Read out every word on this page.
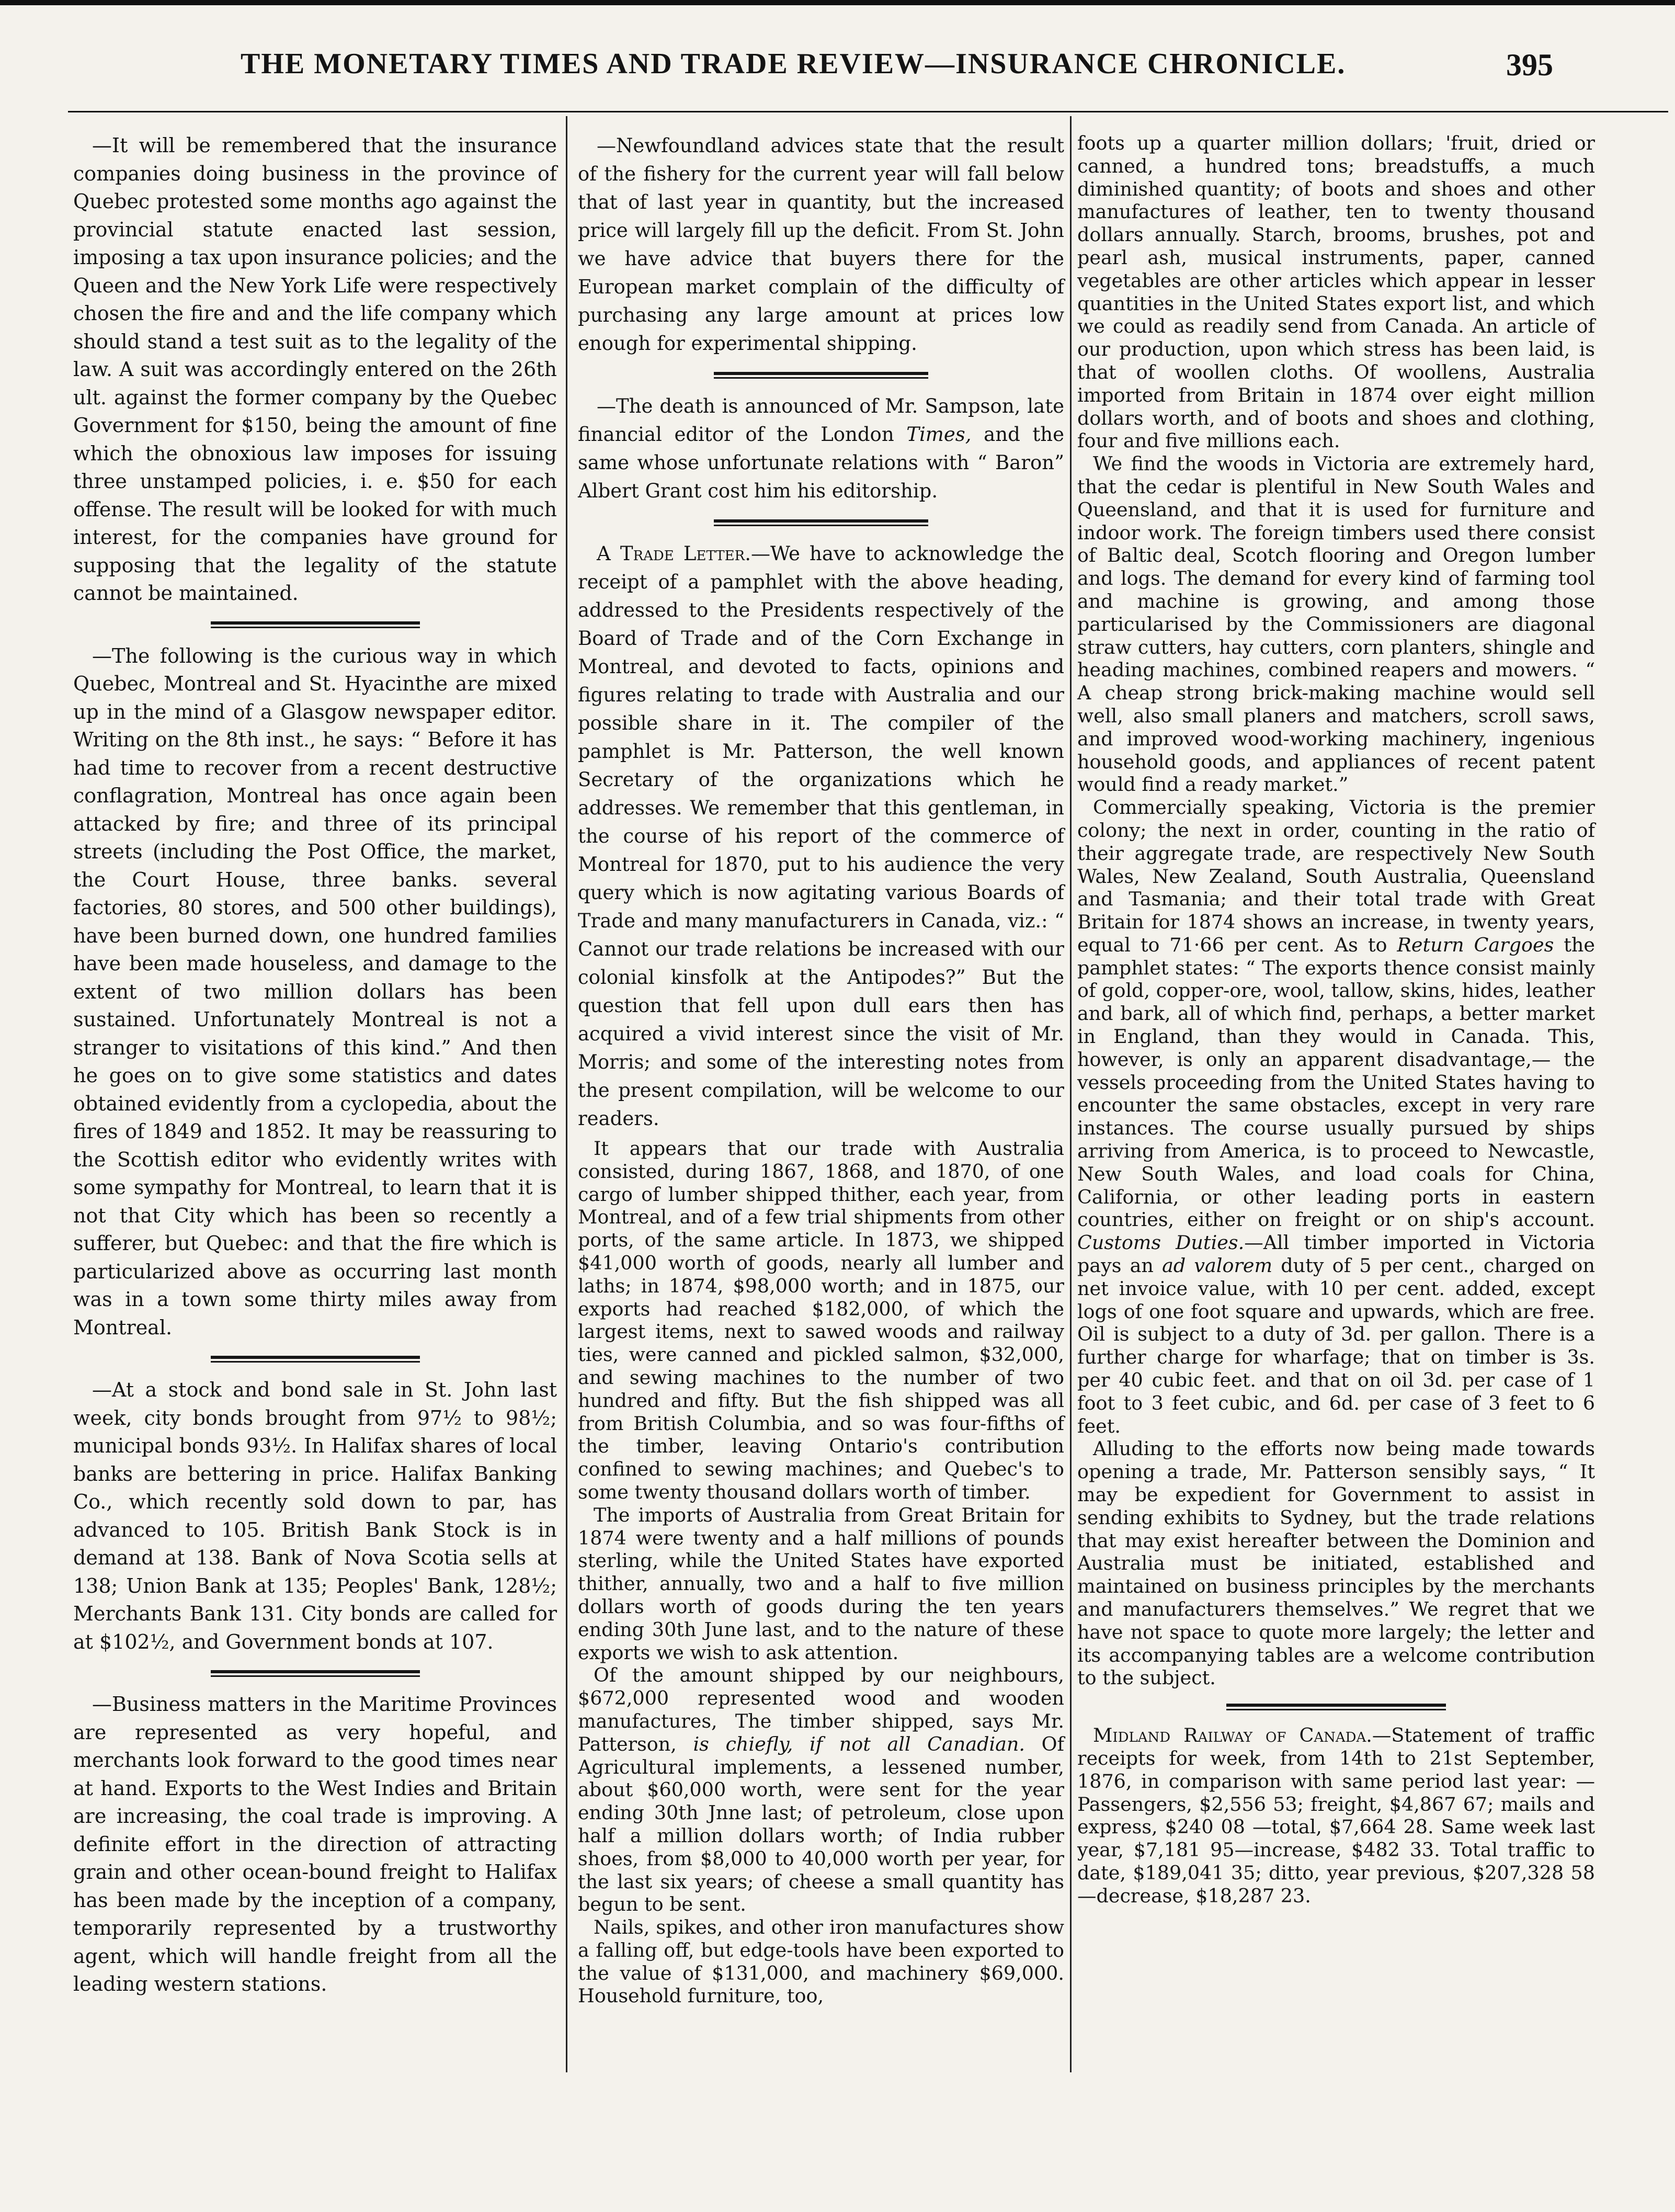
THE MONETARY TIMES AND TRADE REVIEW—INSURANCE CHRONICLE.	395

—It will be remembered that the insurance companies doing business in the province of Quebec protested some months ago against the provincial statute enacted last session, imposing a tax upon insurance policies; and the Queen and the New York Life were respectively chosen the fire and and the life company which should stand a test suit as to the legality of the law. A suit was accordingly entered on the 26th ult. against the former company by the Quebec Government for $150, being the amount of fine which the obnoxious law imposes for issuing three unstamped policies, i. e. $50 for each offense. The result will be looked for with much interest, for the companies have ground for supposing that the legality of the statute cannot be maintained.

—The following is the curious way in which Quebec, Montreal and St. Hyacinthe are mixed up in the mind of a Glasgow newspaper editor. Writing on the 8th inst., he says: “ Before it has had time to recover from a recent destructive conflagration, Montreal has once again been attacked by fire; and three of its principal streets (including the Post Office, the market, the Court House, three banks. several factories, 80 stores, and 500 other buildings), have been burned down, one hundred families have been made houseless, and damage to the extent of two million dollars has been sustained. Unfortunately Montreal is not a stranger to visitations of this kind.” And then he goes on to give some statistics and dates obtained evidently from a cyclopedia, about the fires of 1849 and 1852. It may be reassuring to the Scottish editor who evidently writes with some sympathy for Montreal, to learn that it is not that City which has been so recently a sufferer, but Quebec: and that the fire which is particularized above as occurring last month was in a town some thirty miles away from Montreal.

—At a stock and bond sale in St. John last week, city bonds brought from 97½ to 98½; municipal bonds 93½. In Halifax shares of local banks are bettering in price. Halifax Banking Co., which recently sold down to par, has advanced to 105. British Bank Stock is in demand at 138. Bank of Nova Scotia sells at 138; Union Bank at 135; Peoples' Bank, 128½; Merchants Bank 131. City bonds are called for at $102½, and Government bonds at 107.

—Business matters in the Maritime Provinces are represented as very hopeful, and merchants look forward to the good times near at hand. Exports to the West Indies and Britain are increasing, the coal trade is improving. A definite effort in the direction of attracting grain and other ocean-bound freight to Halifax has been made by the inception of a company, temporarily represented by a trustworthy agent, which will handle freight from all the leading western stations.

—Newfoundland advices state that the result of the fishery for the current year will fall below that of last year in quantity, but the increased price will largely fill up the deficit. From St. John we have advice that buyers there for the European market complain of the difficulty of purchasing any large amount at prices low enough for experimental shipping.

—The death is announced of Mr. Sampson, late financial editor of the London Times, and the same whose unfortunate relations with “ Baron” Albert Grant cost him his editorship.

A Trade Letter.—We have to acknowledge the receipt of a pamphlet with the above heading, addressed to the Presidents respectively of the Board of Trade and of the Corn Exchange in Montreal, and devoted to facts, opinions and figures relating to trade with Australia and our possible share in it. The compiler of the pamphlet is Mr. Patterson, the well known Secretary of the organizations which he addresses. We remember that this gentleman, in the course of his report of the commerce of Montreal for 1870, put to his audience the very query which is now agitating various Boards of Trade and many manufacturers in Canada, viz.: “ Cannot our trade relations be increased with our colonial kinsfolk at the Antipodes?” But the question that fell upon dull ears then has acquired a vivid interest since the visit of Mr. Morris; and some of the interesting notes from the present compilation, will be welcome to our readers.

It appears that our trade with Australia consisted, during 1867, 1868, and 1870, of one cargo of lumber shipped thither, each year, from Montreal, and of a few trial shipments from other ports, of the same article. In 1873, we shipped $41,000 worth of goods, nearly all lumber and laths; in 1874, $98,000 worth; and in 1875, our exports had reached $182,000, of which the largest items, next to sawed woods and railway ties, were canned and pickled salmon, $32,000, and sewing machines to the number of two hundred and fifty. But the fish shipped was all from British Columbia, and so was four-fifths of the timber, leaving Ontario's contribution confined to sewing machines; and Quebec's to some twenty thousand dollars worth of timber.

The imports of Australia from Great Britain for 1874 were twenty and a half millions of pounds sterling, while the United States have exported thither, annually, two and a half to five million dollars worth of goods during the ten years ending 30th June last, and to the nature of these exports we wish to ask attention.

Of the amount shipped by our neighbours, $672,000 represented wood and wooden manufactures, The timber shipped, says Mr. Patterson, is chiefly, if not all Canadian. Of Agricultural implements, a lessened number, about $60,000 worth, were sent for the year ending 30th Jnne last; of petroleum, close upon half a million dollars worth; of India rubber shoes, from $8,000 to 40,000 worth per year, for the last six years; of cheese a small quantity has begun to be sent.

Nails, spikes, and other iron manufactures show a falling off, but edge-tools have been exported to the value of $131,000, and machinery $69,000. Household furniture, too,

foots up a quarter million dollars; 'fruit, dried or canned, a hundred tons; breadstuffs, a much diminished quantity; of boots and shoes and other manufactures of leather, ten to twenty thousand dollars annually. Starch, brooms, brushes, pot and pearl ash, musical instruments, paper, canned vegetables are other articles which appear in lesser quantities in the United States export list, and which we could as readily send from Canada. An article of our production, upon which stress has been laid, is that of woollen cloths. Of woollens, Australia imported from Britain in 1874 over eight million dollars worth, and of boots and shoes and clothing, four and five millions each.

We find the woods in Victoria are extremely hard, that the cedar is plentiful in New South Wales and Queensland, and that it is used for furniture and indoor work. The foreign timbers used there consist of Baltic deal, Scotch flooring and Oregon lumber and logs. The demand for every kind of farming tool and machine is growing, and among those particularised by the Commissioners are diagonal straw cutters, hay cutters, corn planters, shingle and heading machines, combined reapers and mowers. “ A cheap strong brick-making machine would sell well, also small planers and matchers, scroll saws, and improved wood-working machinery, ingenious household goods, and appliances of recent patent would find a ready market.”

Commercially speaking, Victoria is the premier colony; the next in order, counting in the ratio of their aggregate trade, are respectively New South Wales, New Zealand, South Australia, Queensland and Tasmania; and their total trade with Great Britain for 1874 shows an increase, in twenty years, equal to 71·66 per cent. As to Return Cargoes the pamphlet states: “ The exports thence consist mainly of gold, copper-ore, wool, tallow, skins, hides, leather and bark, all of which find, perhaps, a better market in England, than they would in Canada. This, however, is only an apparent disadvantage,— the vessels proceeding from the United States having to encounter the same obstacles, except in very rare instances. The course usually pursued by ships arriving from America, is to proceed to Newcastle, New South Wales, and load coals for China, California, or other leading ports in eastern countries, either on freight or on ship's account. Customs Duties.—All timber imported in Victoria pays an ad valorem duty of 5 per cent., charged on net invoice value, with 10 per cent. added, except logs of one foot square and upwards, which are free. Oil is subject to a duty of 3d. per gallon. There is a further charge for wharfage; that on timber is 3s. per 40 cubic feet. and that on oil 3d. per case of 1 foot to 3 feet cubic, and 6d. per case of 3 feet to 6 feet.

Alluding to the efforts now being made towards opening a trade, Mr. Patterson sensibly says, “ It may be expedient for Government to assist in sending exhibits to Sydney, but the trade relations that may exist hereafter between the Dominion and Australia must be initiated, established and maintained on business principles by the merchants and manufacturers themselves.” We regret that we have not space to quote more largely; the letter and its accompanying tables are a welcome contribution to the subject.

Midland Railway of Canada.—Statement of traffic receipts for week, from 14th to 21st September, 1876, in comparison with same period last year: — Passengers, $2,556 53; freight, $4,867 67; mails and express, $240 08 —total, $7,664 28. Same week last year, $7,181 95—increase, $482 33. Total traffic to date, $189,041 35; ditto, year previous, $207,328 58—decrease, $18,287 23.
